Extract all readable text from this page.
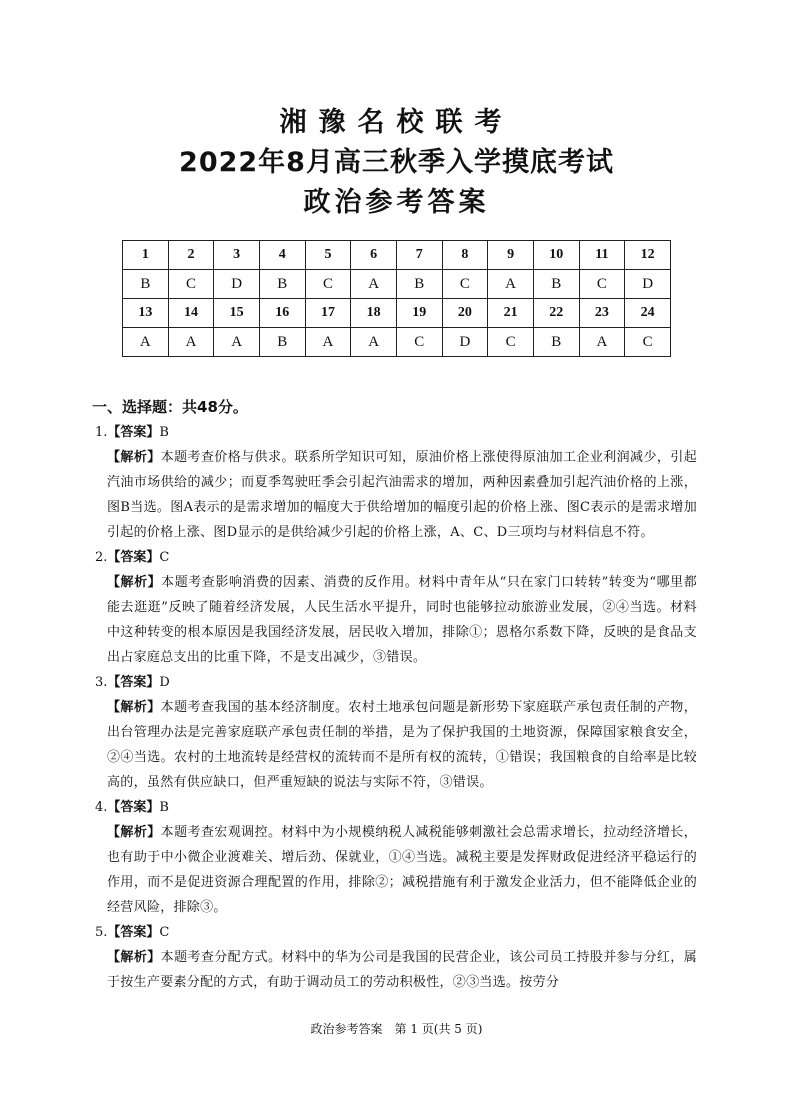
湘豫名校联考
2022年8月高三秋季入学摸底考试
政治参考答案
1	2	3	4	5	6	7	8	9	10	11	12
B	C	D	B	C	A	B	C	A	B	C	D
13	14	15	16	17	18	19	20	21	22	23	24
A	A	A	B	A	A	C	D	C	B	A	C
一、选择题：共48分。
1.【答案】B
【解析】本题考查价格与供求。联系所学知识可知，原油价格上涨使得原油加工企业利润减少，引起汽油市场供给的减少；而夏季驾驶旺季会引起汽油需求的增加，两种因素叠加引起汽油价格的上涨，图B当选。图A表示的是需求增加的幅度大于供给增加的幅度引起的价格上涨、图C表示的是需求增加引起的价格上涨、图D显示的是供给减少引起的价格上涨，A、C、D三项均与材料信息不符。
2.【答案】C
【解析】本题考查影响消费的因素、消费的反作用。材料中青年从“只在家门口转转”转变为“哪里都能去逛逛”反映了随着经济发展，人民生活水平提升，同时也能够拉动旅游业发展，②④当选。材料中这种转变的根本原因是我国经济发展，居民收入增加，排除①；恩格尔系数下降，反映的是食品支出占家庭总支出的比重下降，不是支出减少，③错误。
3.【答案】D
【解析】本题考查我国的基本经济制度。农村土地承包问题是新形势下家庭联产承包责任制的产物，出台管理办法是完善家庭联产承包责任制的举措，是为了保护我国的土地资源，保障国家粮食安全，②④当选。农村的土地流转是经营权的流转而不是所有权的流转，①错误；我国粮食的自给率是比较高的，虽然有供应缺口，但严重短缺的说法与实际不符，③错误。
4.【答案】B
【解析】本题考查宏观调控。材料中为小规模纳税人减税能够刺激社会总需求增长，拉动经济增长，也有助于中小微企业渡难关、增后劲、保就业，①④当选。减税主要是发挥财政促进经济平稳运行的作用，而不是促进资源合理配置的作用，排除②；减税措施有利于激发企业活力，但不能降低企业的经营风险，排除③。
5.【答案】C
【解析】本题考查分配方式。材料中的华为公司是我国的民营企业，该公司员工持股并参与分红，属于按生产要素分配的方式，有助于调动员工的劳动积极性，②③当选。按劳分
政治参考答案　第 1 页(共 5 页)
